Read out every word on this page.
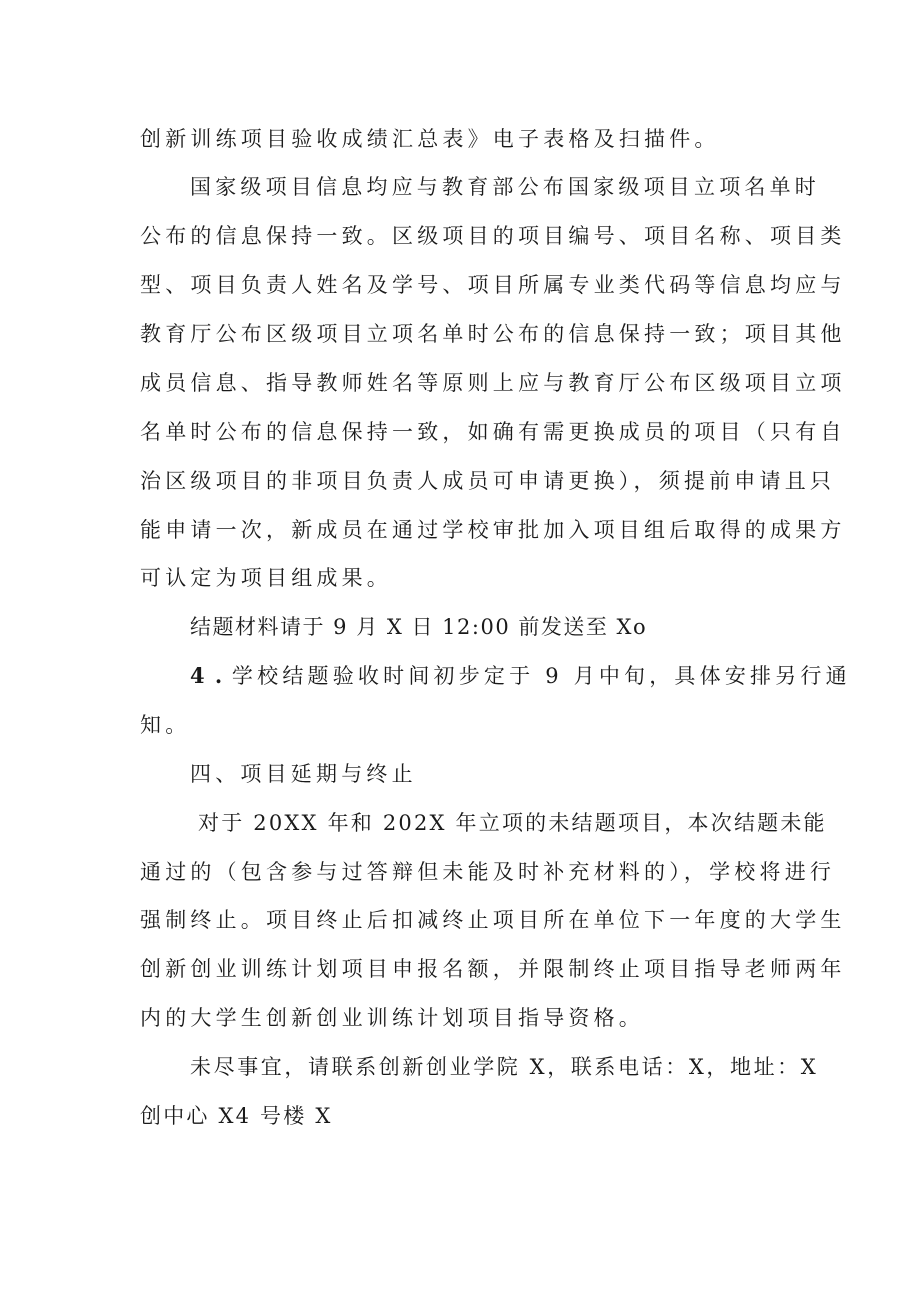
创新训练项目验收成绩汇总表》电子表格及扫描件。
国家级项目信息均应与教育部公布国家级项目立项名单时
公布的信息保持一致。区级项目的项目编号、项目名称、项目类
型、项目负责人姓名及学号、项目所属专业类代码等信息均应与
教育厅公布区级项目立项名单时公布的信息保持一致；项目其他
成员信息、指导教师姓名等原则上应与教育厅公布区级项目立项
名单时公布的信息保持一致，如确有需更换成员的项目（只有自
治区级项目的非项目负责人成员可申请更换），须提前申请且只
能申请一次，新成员在通过学校审批加入项目组后取得的成果方
可认定为项目组成果。
结题材料请于 9 月 X 日 12:00 前发送至 Xo
4 . 学校结题验收时间初步定于 9 月中旬，具体安排另行通
知。
四、项目延期与终止
对于 20XX 年和 202X 年立项的未结题项目，本次结题未能
通过的（包含参与过答辩但未能及时补充材料的），学校将进行
强制终止。项目终止后扣减终止项目所在单位下一年度的大学生
创新创业训练计划项目申报名额，并限制终止项目指导老师两年
内的大学生创新创业训练计划项目指导资格。
未尽事宜，请联系创新创业学院 X，联系电话：X，地址：X
创中心 X4 号楼 X
